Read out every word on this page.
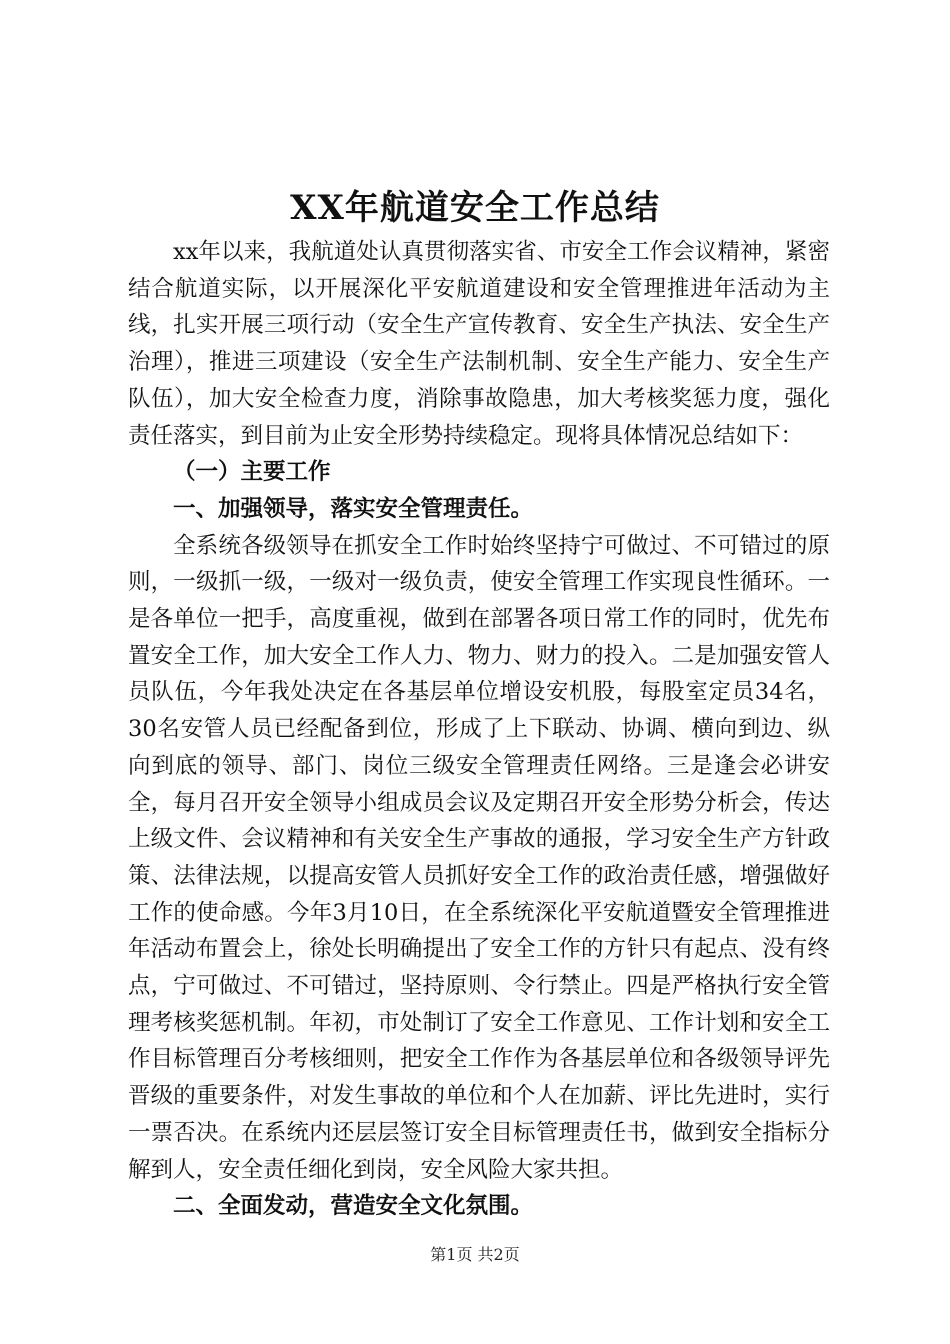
XX年航道安全工作总结

xx年以来，我航道处认真贯彻落实省、市安全工作会议精神，紧密结合航道实际，以开展深化平安航道建设和安全管理推进年活动为主线，扎实开展三项行动（安全生产宣传教育、安全生产执法、安全生产治理），推进三项建设（安全生产法制机制、安全生产能力、安全生产队伍），加大安全检查力度，消除事故隐患，加大考核奖惩力度，强化责任落实，到目前为止安全形势持续稳定。现将具体情况总结如下：

（一）主要工作

一、加强领导，落实安全管理责任。

全系统各级领导在抓安全工作时始终坚持宁可做过、不可错过的原则，一级抓一级，一级对一级负责，使安全管理工作实现良性循环。一是各单位一把手，高度重视，做到在部署各项日常工作的同时，优先布置安全工作，加大安全工作人力、物力、财力的投入。二是加强安管人员队伍，今年我处决定在各基层单位增设安机股，每股室定员34名，30名安管人员已经配备到位，形成了上下联动、协调、横向到边、纵向到底的领导、部门、岗位三级安全管理责任网络。三是逢会必讲安全，每月召开安全领导小组成员会议及定期召开安全形势分析会，传达上级文件、会议精神和有关安全生产事故的通报，学习安全生产方针政策、法律法规，以提高安管人员抓好安全工作的政治责任感，增强做好工作的使命感。今年3月10日，在全系统深化平安航道暨安全管理推进年活动布置会上，徐处长明确提出了安全工作的方针只有起点、没有终点，宁可做过、不可错过，坚持原则、令行禁止。四是严格执行安全管理考核奖惩机制。年初，市处制订了安全工作意见、工作计划和安全工作目标管理百分考核细则，把安全工作作为各基层单位和各级领导评先晋级的重要条件，对发生事故的单位和个人在加薪、评比先进时，实行一票否决。在系统内还层层签订安全目标管理责任书，做到安全指标分解到人，安全责任细化到岗，安全风险大家共担。

二、全面发动，营造安全文化氛围。

第1页 共2页
